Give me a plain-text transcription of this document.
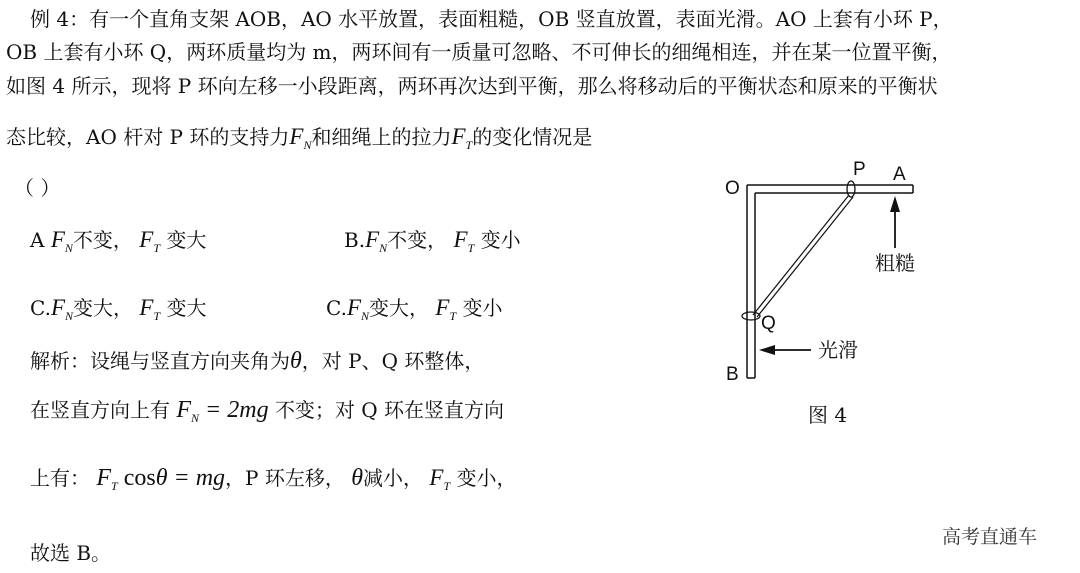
例 4：有一个直角支架 AOB，AO 水平放置，表面粗糙，OB 竖直放置，表面光滑。AO 上套有小环 P，
OB 上套有小环 Q，两环质量均为 m，两环间有一质量可忽略、不可伸长的细绳相连，并在某一位置平衡，
如图 4 所示，现将 P 环向左移一小段距离，两环再次达到平衡，那么将移动后的平衡状态和原来的平衡状
态比较，AO 杆对 P 环的支持力$F_N$和细绳上的拉力$F_T$的变化情况是
（ ）
A $F_N$不变， $F_T$ 变大	$B.F_N$不变， $F_T$ 变小
$C.F_N$变大， $F_T$ 变大	$C.F_N$变大， $F_T$ 变小
解析：设绳与竖直方向夹角为θ，对 P、Q 环整体，
在竖直方向上有 $F_N = 2mg$ 不变；对 Q 环在竖直方向
上有： $F_T$ cosθ = mg，P 环左移， θ减小， $F_T$ 变小，
故选 B。
O
P A
Q
B
粗糙
光滑
图 4
高考直通车
